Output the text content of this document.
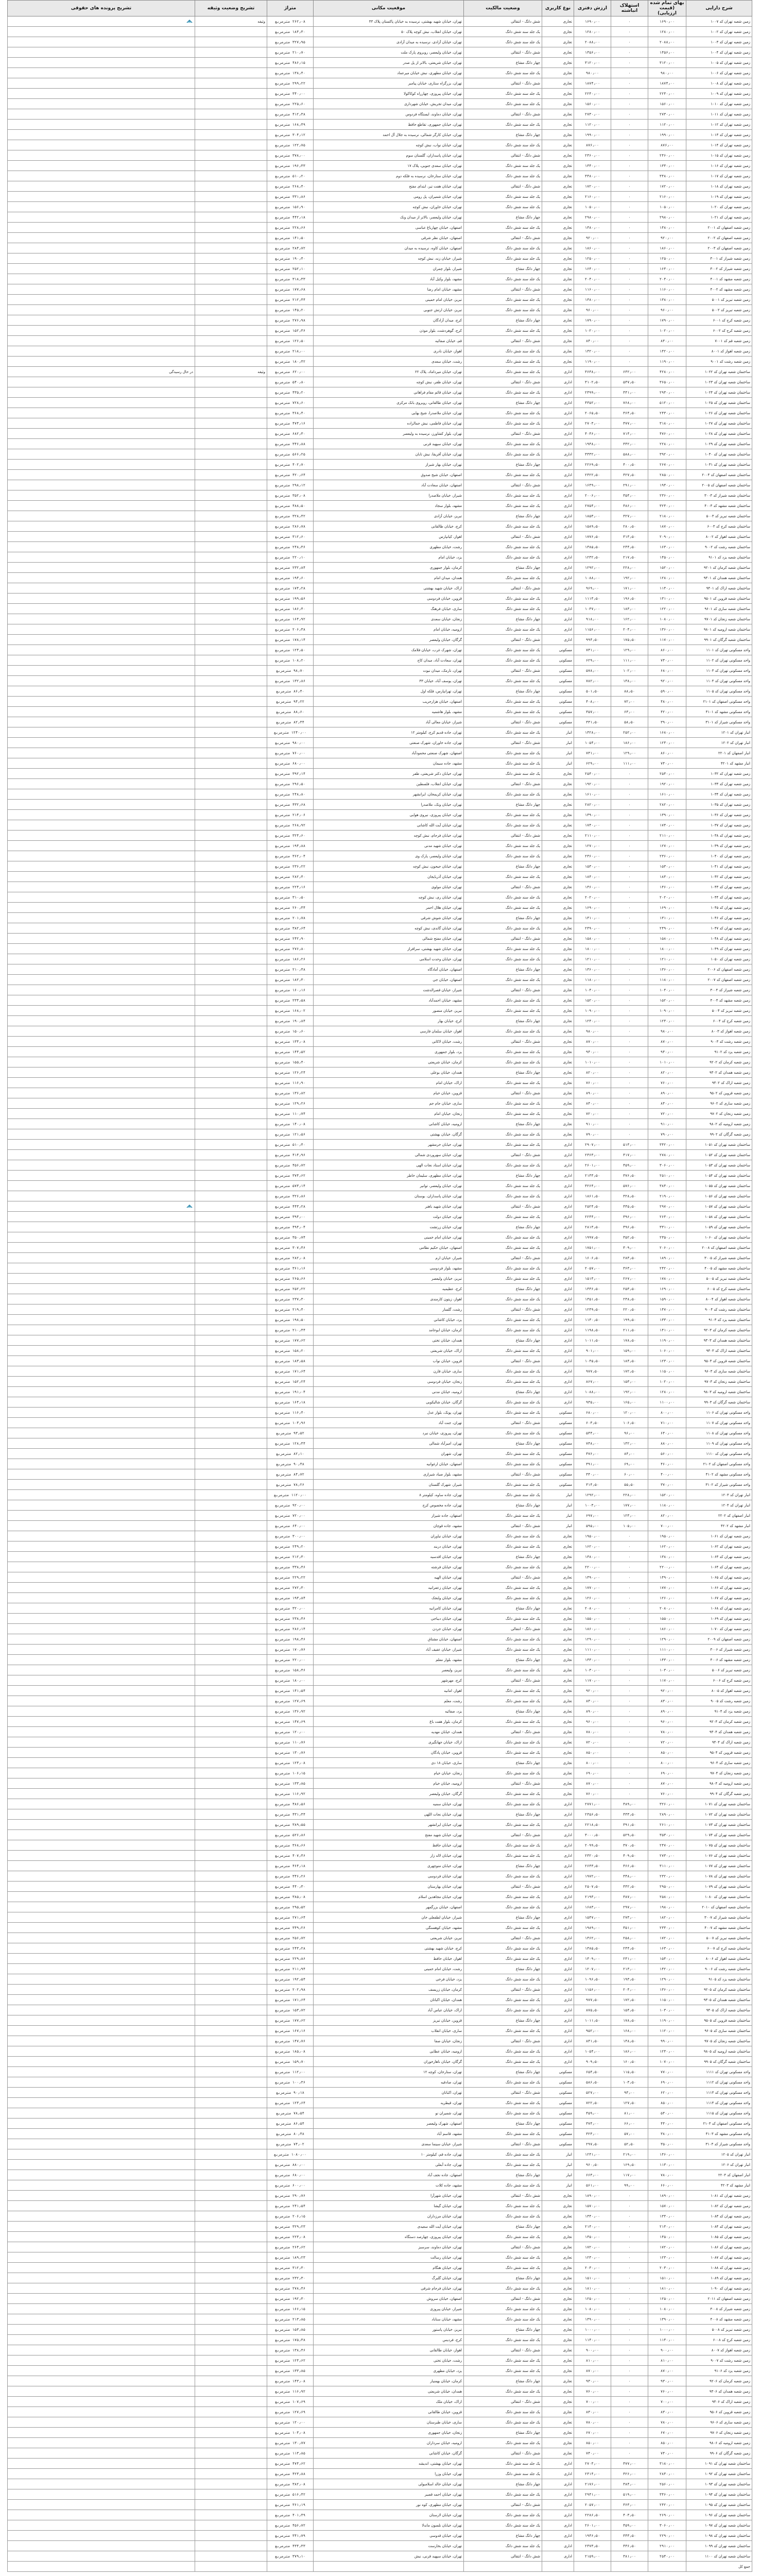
شرح دارایی	بهای تمام شده (قیمت ارزیابی)	استهلاک انباشته	ارزش دفتری	نوع کاربری	وضعیت مالکیت	موقعیت مکانی	متراژ	تشریح وضعیت وثیقه	تشریح پرونده های حقوقی
زمین شعبه تهران کد ۱۰۰۷	۱۶۹۰٫۰۰	۰	۱۶۹۰٫۰۰	تجاری	شش دانگ - انتقالی	تهران، خیابان شهید بهشتی، نرسیده به خیابان پاکستان پلاک ۴۳	۲۶۲٫۰۸ مترمربع	وثیقه	

زمین شعبه تهران کد ۱۰۰۲	۱۲۸۰٫۰۰	۰	۱۲۸۰٫۰۰	تجاری	یک جلد سند شش دانگ	تهران، خیابان انقلاب، نبش کوچه پلاک ۵۰	۱۸۴٫۳۰ مترمربع		
زمین شعبه تهران کد ۱۰۰۳	۲۰۸۸٫۰۰	۰	۲۰۸۸٫۰۰	تجاری	یک جلد سند شش دانگ	تهران، خیابان آزادی، نرسیده به میدان آزادی	۳۲۷٫۹۵ مترمربع		
زمین شعبه تهران کد ۱۰۰۴	۱۴۵۶٫۰۰	۰	۱۴۵۶٫۰۰	تجاری	شش دانگ - انتقالی	تهران، خیابان ولیعصر، روبروی پارک ملت	۲۱۰٫۷۰ مترمربع		
زمین شعبه تهران کد ۱۰۰۵	۳۱۲۰٫۰۰	۰	۳۱۲۰٫۰۰	تجاری	چهار دانگ مشاع	تهران، خیابان شریعتی، بالاتر از پل صدر	۴۸۶٫۱۵ مترمربع		
زمین شعبه تهران کد ۱۰۰۶	۹۸۰٫۰۰	۰	۹۸۰٫۰۰	تجاری	یک جلد سند شش دانگ	تهران، خیابان مطهری، نبش خیابان میرعماد	۱۳۸٫۴۰ مترمربع		
زمین شعبه تهران کد ۱۰۰۸	۱۸۷۴٫۰۰	۰	۱۸۷۴٫۰۰	تجاری	شش دانگ - انتقالی	تهران، بزرگراه ستاری، خیابان پیامبر	۲۹۹٫۲۲ مترمربع		
زمین شعبه تهران کد ۱۰۰۹	۲۲۴۰٫۰۰	۰	۲۲۴۰٫۰۰	تجاری	یک جلد سند شش دانگ	تهران، خیابان پیروزی، چهارراه کوکاکولا	۳۴۰٫۰۰ مترمربع		
زمین شعبه تهران کد ۱۰۱۰	۱۵۶۰٫۰۰	۰	۱۵۶۰٫۰۰	تجاری	یک جلد سند شش دانگ	تهران، میدان تجریش، خیابان شهرداری	۲۲۵٫۶۰ مترمربع		
زمین شعبه تهران کد ۱۰۱۱	۲۷۳۰٫۰۰	۰	۲۷۳۰٫۰۰	تجاری	شش دانگ - انتقالی	تهران، خیابان دماوند، ایستگاه فردوس	۴۱۲٫۳۸ مترمربع		
زمین شعبه تهران کد ۱۰۱۲	۱۱۲۰٫۰۰	۰	۱۱۲۰٫۰۰	تجاری	یک جلد سند شش دانگ	تهران، خیابان جمهوری، تقاطع حافظ	۱۶۸٫۴۹ مترمربع		
زمین شعبه تهران کد ۱۰۱۳	۱۹۹۰٫۰۰	۰	۱۹۹۰٫۰۰	تجاری	چهار دانگ مشاع	تهران، خیابان کارگر شمالی، نرسیده به جلال آل احمد	۳۰۴٫۱۲ مترمربع		
زمین شعبه تهران کد ۱۰۱۴	۸۷۶٫۰۰	۰	۸۷۶٫۰۰	تجاری	یک جلد سند شش دانگ	تهران، خیابان نواب، نبش کوچه	۱۲۲٫۷۵ مترمربع		
زمین شعبه تهران کد ۱۰۱۵	۲۴۶۰٫۰۰	۰	۲۴۶۰٫۰۰	تجاری	شش دانگ - انتقالی	تهران، خیابان پاسداران، گلستان سوم	۳۷۸٫۰۰ مترمربع		
زمین شعبه تهران کد ۱۰۱۶	۱۳۴۰٫۰۰	۰	۱۳۴۰٫۰۰	تجاری	یک جلد سند شش دانگ	تهران، خیابان سعدی جنوبی، پلاک ۱۷	۱۹۶٫۳۳ مترمربع		
زمین شعبه تهران کد ۱۰۱۷	۳۴۸۰٫۰۰	۰	۳۴۸۰٫۰۰	تجاری	یک جلد سند شش دانگ	تهران، خیابان ستارخان، نرسیده به فلکه دوم	۵۱۰٫۲۰ مترمربع		
زمین شعبه تهران کد ۱۰۱۸	۱۷۲۰٫۰۰	۰	۱۷۲۰٫۰۰	تجاری	شش دانگ - انتقالی	تهران، خیابان هفت تیر، ابتدای مفتح	۲۶۸٫۴۰ مترمربع		
زمین شعبه تهران کد ۱۰۱۹	۲۱۶۰٫۰۰	۰	۲۱۶۰٫۰۰	تجاری	یک جلد سند شش دانگ	تهران، خیابان شمیران، پل رومی	۳۳۱٫۸۶ مترمربع		
زمین شعبه تهران کد ۱۰۲۰	۱۰۵۰٫۰۰	۰	۱۰۵۰٫۰۰	تجاری	یک جلد سند شش دانگ	تهران، خیابان خاوران، نبش کوچه	۱۵۶٫۹۰ مترمربع		
زمین شعبه تهران کد ۱۰۲۱	۲۹۸۰٫۰۰	۰	۲۹۸۰٫۰۰	تجاری	چهار دانگ مشاع	تهران، خیابان ولیعصر، بالاتر از میدان ونک	۴۴۲٫۱۸ مترمربع		
زمین شعبه اصفهان کد ۲۰۰۱	۱۴۸۰٫۰۰	۰	۱۴۸۰٫۰۰	تجاری	یک جلد سند شش دانگ	اصفهان، خیابان چهارباغ عباسی	۲۲۸٫۶۶ مترمربع		
زمین شعبه اصفهان کد ۲۰۰۲	۹۲۰٫۰۰	۰	۹۲۰٫۰۰	تجاری	شش دانگ - انتقالی	اصفهان، خیابان نظر شرقی	۱۴۱٫۵۰ مترمربع		
زمین شعبه اصفهان کد ۲۰۰۳	۱۸۶۰٫۰۰	۰	۱۸۶۰٫۰۰	تجاری	یک جلد سند شش دانگ	اصفهان، خیابان کاوه، نرسیده به میدان	۲۸۴٫۷۲ مترمربع		
زمین شعبه شیراز کد ۳۰۰۱	۱۲۵۰٫۰۰	۰	۱۲۵۰٫۰۰	تجاری	یک جلد سند شش دانگ	شیراز، خیابان زند، نبش کوچه	۱۹۰٫۴۰ مترمربع		
زمین شعبه شیراز کد ۳۰۰۲	۱۶۴۰٫۰۰	۰	۱۶۴۰٫۰۰	تجاری	چهار دانگ مشاع	شیراز، بلوار چمران	۲۵۲٫۱۰ مترمربع		
زمین شعبه مشهد کد ۴۰۰۱	۲۰۴۰٫۰۰	۰	۲۰۴۰٫۰۰	تجاری	یک جلد سند شش دانگ	مشهد، بلوار وکیل آباد	۳۱۸٫۳۳ مترمربع		
زمین شعبه مشهد کد ۴۰۰۲	۱۱۶۰٫۰۰	۰	۱۱۶۰٫۰۰	تجاری	شش دانگ - انتقالی	مشهد، خیابان امام رضا	۱۷۷٫۶۸ مترمربع		
زمین شعبه تبریز کد ۵۰۰۱	۱۳۸۰٫۰۰	۰	۱۳۸۰٫۰۰	تجاری	یک جلد سند شش دانگ	تبریز، خیابان امام خمینی	۲۱۲٫۴۴ مترمربع		
زمین شعبه تبریز کد ۵۰۰۲	۹۶۰٫۰۰	۰	۹۶۰٫۰۰	تجاری	یک جلد سند شش دانگ	تبریز، خیابان ارتش جنوبی	۱۴۵٫۲۰ مترمربع		
زمین شعبه کرج کد ۶۰۰۱	۱۷۹۰٫۰۰	۰	۱۷۹۰٫۰۰	تجاری	چهار دانگ مشاع	کرج، میدان آزادگان	۲۷۶٫۹۸ مترمربع		
زمین شعبه کرج کد ۶۰۰۲	۱۰۲۰٫۰۰	۰	۱۰۲۰٫۰۰	تجاری	یک جلد سند شش دانگ	کرج، گوهردشت، بلوار موذن	۱۵۲٫۳۶ مترمربع		
زمین شعبه قم کد ۷۰۰۱	۸۴۰٫۰۰	۰	۸۴۰٫۰۰	تجاری	شش دانگ - انتقالی	قم، خیابان صفائیه	۱۲۶٫۵۰ مترمربع		
زمین شعبه اهواز کد ۸۰۰۱	۱۴۲۰٫۰۰	۰	۱۴۲۰٫۰۰	تجاری	یک جلد سند شش دانگ	اهواز، خیابان نادری	۲۱۸٫۰۰ مترمربع		
زمین شعبه رشت کد ۹۰۰۱	۱۱۹۰٫۰۰	۰	۱۱۹۰٫۰۰	تجاری	یک جلد سند شش دانگ	رشت، خیابان سعدی	۱۸۰٫۴۲ مترمربع		
ساختمان شعبه تهران کد ۱۰۲۲	۴۲۸۰٫۰۰	۶۴۲٫۰۰	۳۶۳۸٫۰۰	اداری	یک جلد سند شش دانگ	تهران، خیابان میرداماد، پلاک ۲۲	۶۲۰٫۰۰ مترمربع	وثیقه	در حال رسیدگی
ساختمان شعبه تهران کد ۱۰۲۳	۳۶۵۰٫۰۰	۵۴۷٫۵۰	۳۱۰۲٫۵۰	اداری	شش دانگ - انتقالی	تهران، خیابان ظفر، نبش کوچه	۵۴۰٫۸۰ مترمربع		
ساختمان شعبه تهران کد ۱۰۲۴	۲۹۴۰٫۰۰	۴۴۱٫۰۰	۲۴۹۹٫۰۰	اداری	یک جلد سند شش دانگ	تهران، خیابان قائم مقام فراهانی	۴۳۵٫۲۰ مترمربع		
ساختمان شعبه تهران کد ۱۰۲۵	۵۱۲۰٫۰۰	۷۶۸٫۰۰	۴۳۵۲٫۰۰	اداری	چهار دانگ مشاع	تهران، خیابان طالقانی، روبروی بانک مرکزی	۷۲۸٫۶۰ مترمربع		
ساختمان شعبه تهران کد ۱۰۲۶	۲۴۳۰٫۰۰	۳۶۴٫۵۰	۲۰۶۵٫۵۰	اداری	یک جلد سند شش دانگ	تهران، خیابان ملاصدرا، شیخ بهایی	۳۶۸٫۴۰ مترمربع		
ساختمان شعبه تهران کد ۱۰۲۷	۳۱۸۰٫۰۰	۴۷۷٫۰۰	۲۷۰۳٫۰۰	اداری	یک جلد سند شش دانگ	تهران، خیابان فاطمی، نبش جمالزاده	۴۷۴٫۱۶ مترمربع		
ساختمان شعبه تهران کد ۱۰۲۸	۴۷۶۰٫۰۰	۷۱۴٫۰۰	۴۰۴۶٫۰۰	اداری	شش دانگ - انتقالی	تهران، بلوار کشاورز، نرسیده به ولیعصر	۶۸۲٫۳۰ مترمربع		
ساختمان شعبه تهران کد ۱۰۲۹	۲۲۸۰٫۰۰	۳۴۲٫۰۰	۱۹۳۸٫۰۰	اداری	یک جلد سند شش دانگ	تهران، خیابان سپهبد قرنی	۳۴۶٫۸۸ مترمربع		
ساختمان شعبه تهران کد ۱۰۳۰	۳۹۲۰٫۰۰	۵۸۸٫۰۰	۳۳۳۲٫۰۰	اداری	یک جلد سند شش دانگ	تهران، خیابان آفریقا، نبش تابان	۵۶۶٫۲۵ مترمربع		
ساختمان شعبه تهران کد ۱۰۳۱	۲۶۷۰٫۰۰	۴۰۰٫۵۰	۲۲۶۹٫۵۰	اداری	چهار دانگ مشاع	تهران، خیابان بهار شیراز	۴۰۲٫۷۰ مترمربع		
ساختمان شعبه اصفهان کد ۲۰۰۴	۲۸۵۰٫۰۰	۴۲۷٫۵۰	۲۴۲۲٫۵۰	اداری	یک جلد سند شش دانگ	اصفهان، خیابان شیخ صدوق	۴۲۰٫۶۴ مترمربع		
ساختمان شعبه اصفهان کد ۲۰۰۵	۱۹۴۰٫۰۰	۲۹۱٫۰۰	۱۶۴۹٫۰۰	اداری	شش دانگ - انتقالی	اصفهان، خیابان سعادت آباد	۲۹۸٫۱۲ مترمربع		
ساختمان شعبه شیراز کد ۳۰۰۳	۲۳۶۰٫۰۰	۳۵۴٫۰۰	۲۰۰۶٫۰۰	اداری	یک جلد سند شش دانگ	شیراز، خیابان ملاصدرا	۳۵۲٫۰۸ مترمربع		
ساختمان شعبه مشهد کد ۴۰۰۳	۳۲۴۰٫۰۰	۴۸۶٫۰۰	۲۷۵۴٫۰۰	اداری	یک جلد سند شش دانگ	مشهد، بلوار سجاد	۴۸۸٫۵۰ مترمربع		
ساختمان شعبه تبریز کد ۵۰۰۳	۲۱۸۰٫۰۰	۳۲۷٫۰۰	۱۸۵۳٫۰۰	اداری	چهار دانگ مشاع	تبریز، خیابان آزادی	۳۲۸٫۴۲ مترمربع		
ساختمان شعبه کرج کد ۶۰۰۳	۱۸۷۰٫۰۰	۲۸۰٫۵۰	۱۵۸۹٫۵۰	اداری	یک جلد سند شش دانگ	کرج، خیابان طالقانی	۲۸۶٫۷۸ مترمربع		
ساختمان شعبه اهواز کد ۸۰۰۲	۲۰۹۰٫۰۰	۳۱۳٫۵۰	۱۷۷۶٫۵۰	اداری	شش دانگ - انتقالی	اهواز، کیانپارس	۳۱۲٫۶۰ مترمربع		
ساختمان شعبه رشت کد ۹۰۰۲	۱۶۳۰٫۰۰	۲۴۴٫۵۰	۱۳۸۵٫۵۰	اداری	یک جلد سند شش دانگ	رشت، خیابان مطهری	۲۴۸٫۳۶ مترمربع		
ساختمان شعبه یزد کد ۹۱۰۱	۱۴۵۰٫۰۰	۲۱۷٫۵۰	۱۲۳۲٫۵۰	اداری	یک جلد سند شش دانگ	یزد، خیابان امام	۲۲۰٫۱۰ مترمربع		
ساختمان شعبه کرمان کد ۹۲۰۱	۱۵۲۰٫۰۰	۲۲۸٫۰۰	۱۲۹۲٫۰۰	اداری	چهار دانگ مشاع	کرمان، بلوار جمهوری	۲۳۲٫۸۴ مترمربع		
ساختمان شعبه همدان کد ۹۳۰۱	۱۲۸۰٫۰۰	۱۹۲٫۰۰	۱۰۸۸٫۰۰	اداری	یک جلد سند شش دانگ	همدان، میدان امام	۱۹۴٫۶۰ مترمربع		
ساختمان شعبه اراک کد ۹۴۰۱	۱۱۴۰٫۰۰	۱۷۱٫۰۰	۹۶۹٫۰۰	اداری	شش دانگ - انتقالی	اراک، خیابان شهید بهشتی	۱۷۴٫۲۸ مترمربع		
ساختمان شعبه قزوین کد ۹۵۰۱	۱۳۱۰٫۰۰	۱۹۶٫۵۰	۱۱۱۳٫۵۰	اداری	یک جلد سند شش دانگ	قزوین، خیابان فردوسی	۱۹۹٫۵۶ مترمربع		
ساختمان شعبه ساری کد ۹۶۰۱	۱۲۲۰٫۰۰	۱۸۳٫۰۰	۱۰۳۷٫۰۰	اداری	یک جلد سند شش دانگ	ساری، خیابان فرهنگ	۱۸۶٫۴۰ مترمربع		
ساختمان شعبه زنجان کد ۹۷۰۱	۱۰۸۰٫۰۰	۱۶۲٫۰۰	۹۱۸٫۰۰	اداری	چهار دانگ مشاع	زنجان، خیابان سعدی	۱۶۴٫۹۲ مترمربع		
ساختمان شعبه ارومیه کد ۹۸۰۱	۱۳۶۰٫۰۰	۲۰۴٫۰۰	۱۱۵۶٫۰۰	اداری	یک جلد سند شش دانگ	ارومیه، خیابان امام	۲۰۶٫۳۸ مترمربع		
ساختمان شعبه گرگان کد ۹۹۰۱	۱۱۷۰٫۰۰	۱۷۵٫۵۰	۹۹۴٫۵۰	اداری	شش دانگ - انتقالی	گرگان، خیابان ولیعصر	۱۷۸٫۱۴ مترمربع		
واحد مسکونی تهران کد ۱۱۰۱	۸۶۰٫۰۰	۱۲۹٫۰۰	۷۳۱٫۰۰	مسکونی	یک جلد سند شش دانگ	تهران، شهرک غرب، خیابان فلامک	۱۲۴٫۵۰ مترمربع		
واحد مسکونی تهران کد ۱۱۰۲	۷۴۰٫۰۰	۱۱۱٫۰۰	۶۲۹٫۰۰	مسکونی	یک جلد سند شش دانگ	تهران، سعادت آباد، میدان کاج	۱۰۸٫۲۰ مترمربع		
واحد مسکونی تهران کد ۱۱۰۳	۶۸۰٫۰۰	۱۰۲٫۰۰	۵۷۸٫۰۰	مسکونی	شش دانگ - انتقالی	تهران، نارمک، میدان نبوت	۹۸٫۷۰ مترمربع		
واحد مسکونی تهران کد ۱۱۰۴	۹۲۰٫۰۰	۱۳۸٫۰۰	۷۸۲٫۰۰	مسکونی	یک جلد سند شش دانگ	تهران، یوسف آباد، خیابان ۳۳	۱۳۲٫۸۶ مترمربع		
واحد مسکونی تهران کد ۱۱۰۵	۵۹۰٫۰۰	۸۸٫۵۰	۵۰۱٫۵۰	مسکونی	چهار دانگ مشاع	تهران، تهرانپارس، فلکه اول	۸۶٫۴۰ مترمربع		
واحد مسکونی اصفهان کد ۲۱۰۱	۴۸۰٫۰۰	۷۲٫۰۰	۴۰۸٫۰۰	مسکونی	یک جلد سند شش دانگ	اصفهان، خیابان هزارجریب	۹۴٫۲۲ مترمربع		
واحد مسکونی مشهد کد ۴۱۰۱	۴۲۰٫۰۰	۶۳٫۰۰	۳۵۷٫۰۰	مسکونی	یک جلد سند شش دانگ	مشهد، بلوار هاشمیه	۸۸٫۶۰ مترمربع		
واحد مسکونی شیراز کد ۳۱۰۱	۳۹۰٫۰۰	۵۸٫۵۰	۳۳۱٫۵۰	مسکونی	شش دانگ - انتقالی	شیراز، خیابان معالی آباد	۸۲٫۳۴ مترمربع		
انبار تهران کد ۱۲۰۱	۱۶۸۰٫۰۰	۲۵۲٫۰۰	۱۴۲۸٫۰۰	انبار	یک جلد سند شش دانگ	تهران، جاده قدیم کرج، کیلومتر ۱۲	۱۲۴۰٫۰۰ مترمربع		
انبار تهران کد ۱۲۰۲	۱۲۴۰٫۰۰	۱۸۶٫۰۰	۱۰۵۴٫۰۰	انبار	شش دانگ - انتقالی	تهران، جاده خاوران، شهرک صنعتی	۹۸۰٫۰۰ مترمربع		
انبار اصفهان کد ۲۲۰۱	۸۶۰٫۰۰	۱۲۹٫۰۰	۷۳۱٫۰۰	انبار	یک جلد سند شش دانگ	اصفهان، شهرک صنعتی محمودآباد	۷۶۰٫۰۰ مترمربع		
انبار مشهد کد ۴۲۰۱	۷۴۰٫۰۰	۱۱۱٫۰۰	۶۲۹٫۰۰	انبار	یک جلد سند شش دانگ	مشهد، جاده سیمان	۶۸۰٫۰۰ مترمربع		
زمین شعبه تهران کد ۱۰۳۲	۲۵۴۰٫۰۰	۰	۲۵۴۰٫۰۰	تجاری	یک جلد سند شش دانگ	تهران، خیابان دکتر شریعتی، ظفر	۳۹۲٫۱۴ مترمربع		
زمین شعبه تهران کد ۱۰۳۳	۱۹۲۰٫۰۰	۰	۱۹۲۰٫۰۰	تجاری	شش دانگ - انتقالی	تهران، خیابان انقلاب، فلسطین	۲۹۶٫۵۰ مترمربع		
زمین شعبه تهران کد ۱۰۳۴	۱۶۱۰٫۰۰	۰	۱۶۱۰٫۰۰	تجاری	یک جلد سند شش دانگ	تهران، خیابان کریمخان، ایرانشهر	۲۴۸٫۸۰ مترمربع		
زمین شعبه تهران کد ۱۰۳۵	۲۸۲۰٫۰۰	۰	۲۸۲۰٫۰۰	تجاری	چهار دانگ مشاع	تهران، خیابان ونک، ملاصدرا	۴۳۲٫۶۸ مترمربع		
زمین شعبه تهران کد ۱۰۳۶	۱۳۹۰٫۰۰	۰	۱۳۹۰٫۰۰	تجاری	یک جلد سند شش دانگ	تهران، خیابان پیروزی، نیروی هوایی	۲۱۴٫۰۶ مترمربع		
زمین شعبه تهران کد ۱۰۳۷	۱۷۴۰٫۰۰	۰	۱۷۴۰٫۰۰	تجاری	یک جلد سند شش دانگ	تهران، خیابان آیت الله کاشانی	۲۶۸٫۹۲ مترمربع		
زمین شعبه تهران کد ۱۰۳۸	۲۱۱۰٫۰۰	۰	۲۱۱۰٫۰۰	تجاری	شش دانگ - انتقالی	تهران، خیابان فرجام، نبش کوچه	۳۲۴٫۶۰ مترمربع		
زمین شعبه تهران کد ۱۰۳۹	۱۲۷۰٫۰۰	۰	۱۲۷۰٫۰۰	تجاری	یک جلد سند شش دانگ	تهران، خیابان شهید مدنی	۱۹۴٫۸۸ مترمربع		
زمین شعبه تهران کد ۱۰۴۰	۲۳۶۰٫۰۰	۰	۲۳۶۰٫۰۰	تجاری	یک جلد سند شش دانگ	تهران، خیابان ولیعصر، پارک وی	۳۶۲٫۰۴ مترمربع		
زمین شعبه تهران کد ۱۰۴۱	۱۵۳۰٫۰۰	۰	۱۵۳۰٫۰۰	تجاری	چهار دانگ مشاع	تهران، خیابان جیحون، نبش کوچه	۲۳۶٫۲۲ مترمربع		
زمین شعبه تهران کد ۱۰۴۲	۱۸۴۰٫۰۰	۰	۱۸۴۰٫۰۰	تجاری	یک جلد سند شش دانگ	تهران، خیابان آذربایجان	۲۸۲٫۴۰ مترمربع		
زمین شعبه تهران کد ۱۰۴۳	۱۴۶۰٫۰۰	۰	۱۴۶۰٫۰۰	تجاری	شش دانگ - انتقالی	تهران، خیابان مولوی	۲۲۴٫۱۶ مترمربع		
زمین شعبه تهران کد ۱۰۴۴	۲۰۲۰٫۰۰	۰	۲۰۲۰٫۰۰	تجاری	یک جلد سند شش دانگ	تهران، خیابان ری، نبش کوچه	۳۱۰٫۵۰ مترمربع		
زمین شعبه تهران کد ۱۰۴۵	۱۶۹۰٫۰۰	۰	۱۶۹۰٫۰۰	تجاری	یک جلد سند شش دانگ	تهران، خیابان هلال احمر	۲۶۰٫۳۴ مترمربع		
زمین شعبه تهران کد ۱۰۴۶	۱۳۱۰٫۰۰	۰	۱۳۱۰٫۰۰	تجاری	چهار دانگ مشاع	تهران، خیابان شوش شرقی	۲۰۱٫۷۸ مترمربع		
زمین شعبه تهران کد ۱۰۴۷	۲۴۹۰٫۰۰	۰	۲۴۹۰٫۰۰	تجاری	یک جلد سند شش دانگ	تهران، خیابان گاندی، نبش کوچه	۳۸۲٫۶۴ مترمربع		
زمین شعبه تهران کد ۱۰۴۸	۱۵۸۰٫۰۰	۰	۱۵۸۰٫۰۰	تجاری	شش دانگ - انتقالی	تهران، خیابان مفتح شمالی	۲۴۲٫۹۰ مترمربع		
زمین شعبه تهران کد ۱۰۴۹	۱۸۰۰٫۰۰	۰	۱۸۰۰٫۰۰	تجاری	یک جلد سند شش دانگ	تهران، خیابان شهید بهشتی، سرافراز	۲۷۶٫۸۰ مترمربع		
زمین شعبه تهران کد ۱۰۵۰	۱۲۱۰٫۰۰	۰	۱۲۱۰٫۰۰	تجاری	یک جلد سند شش دانگ	تهران، خیابان وحدت اسلامی	۱۸۶٫۲۶ مترمربع		
زمین شعبه اصفهان کد ۲۰۰۶	۱۳۶۰٫۰۰	۰	۱۳۶۰٫۰۰	تجاری	چهار دانگ مشاع	اصفهان، خیابان آمادگاه	۲۱۰٫۴۸ مترمربع		
زمین شعبه اصفهان کد ۲۰۰۷	۱۱۸۰٫۰۰	۰	۱۱۸۰٫۰۰	تجاری	یک جلد سند شش دانگ	اصفهان، خیابان جی	۱۸۲٫۳۰ مترمربع		
زمین شعبه شیراز کد ۳۰۰۴	۱۰۴۰٫۰۰	۰	۱۰۴۰٫۰۰	تجاری	شش دانگ - انتقالی	شیراز، خیابان قصرالدشت	۱۶۰٫۱۶ مترمربع		
زمین شعبه مشهد کد ۴۰۰۴	۱۵۲۰٫۰۰	۰	۱۵۲۰٫۰۰	تجاری	یک جلد سند شش دانگ	مشهد، خیابان احمدآباد	۲۳۴٫۵۸ مترمربع		
زمین شعبه تبریز کد ۵۰۰۴	۱۰۹۰٫۰۰	۰	۱۰۹۰٫۰۰	تجاری	یک جلد سند شش دانگ	تبریز، خیابان منصور	۱۶۸٫۰۲ مترمربع		
زمین شعبه کرج کد ۶۰۰۴	۱۲۴۰٫۰۰	۰	۱۲۴۰٫۰۰	تجاری	چهار دانگ مشاع	کرج، خیابان بهار	۱۹۰٫۸۴ مترمربع		
زمین شعبه اهواز کد ۸۰۰۳	۹۸۰٫۰۰	۰	۹۸۰٫۰۰	تجاری	یک جلد سند شش دانگ	اهواز، خیابان سلمان فارسی	۱۵۰٫۶۰ مترمربع		
زمین شعبه رشت کد ۹۰۰۳	۸۷۰٫۰۰	۰	۸۷۰٫۰۰	تجاری	شش دانگ - انتقالی	رشت، خیابان لاکانی	۱۳۴٫۰۸ مترمربع		
زمین شعبه یزد کد ۹۱۰۲	۹۴۰٫۰۰	۰	۹۴۰٫۰۰	تجاری	یک جلد سند شش دانگ	یزد، بلوار جمهوری	۱۴۴٫۵۲ مترمربع		
زمین شعبه کرمان کد ۹۲۰۲	۱۰۱۰٫۰۰	۰	۱۰۱۰٫۰۰	تجاری	یک جلد سند شش دانگ	کرمان، خیابان شریعتی	۱۵۵٫۴۰ مترمربع		
زمین شعبه همدان کد ۹۳۰۲	۸۲۰٫۰۰	۰	۸۲۰٫۰۰	تجاری	چهار دانگ مشاع	همدان، خیابان بوعلی	۱۲۶٫۲۴ مترمربع		
زمین شعبه اراک کد ۹۴۰۲	۷۶۰٫۰۰	۰	۷۶۰٫۰۰	تجاری	یک جلد سند شش دانگ	اراک، خیابان امام	۱۱۶٫۹۰ مترمربع		
زمین شعبه قزوین کد ۹۵۰۲	۸۹۰٫۰۰	۰	۸۹۰٫۰۰	تجاری	شش دانگ - انتقالی	قزوین، خیابان خیام	۱۳۶٫۸۲ مترمربع		
زمین شعبه ساری کد ۹۶۰۲	۸۴۰٫۰۰	۰	۸۴۰٫۰۰	تجاری	یک جلد سند شش دانگ	ساری، خیابان جام جم	۱۲۹٫۲۶ مترمربع		
زمین شعبه زنجان کد ۹۷۰۲	۷۲۰٫۰۰	۰	۷۲۰٫۰۰	تجاری	یک جلد سند شش دانگ	زنجان، خیابان امام	۱۱۰٫۷۴ مترمربع		
زمین شعبه ارومیه کد ۹۸۰۲	۹۱۰٫۰۰	۰	۹۱۰٫۰۰	تجاری	چهار دانگ مشاع	ارومیه، خیابان کاشانی	۱۴۰٫۰۸ مترمربع		
زمین شعبه گرگان کد ۹۹۰۲	۷۹۰٫۰۰	۰	۷۹۰٫۰۰	تجاری	یک جلد سند شش دانگ	گرگان، خیابان بهشتی	۱۲۱٫۵۶ مترمربع		
ساختمان شعبه تهران کد ۱۰۵۱	۳۴۲۰٫۰۰	۵۱۳٫۰۰	۲۹۰۷٫۰۰	اداری	یک جلد سند شش دانگ	تهران، خیابان خرمشهر	۵۱۰٫۴۰ مترمربع		
ساختمان شعبه تهران کد ۱۰۵۲	۲۷۸۰٫۰۰	۴۱۷٫۰۰	۲۳۶۳٫۰۰	اداری	شش دانگ - انتقالی	تهران، خیابان سهروردی شمالی	۴۱۴٫۹۶ مترمربع		
ساختمان شعبه تهران کد ۱۰۵۳	۳۰۶۰٫۰۰	۴۵۹٫۰۰	۲۶۰۱٫۰۰	اداری	یک جلد سند شش دانگ	تهران، خیابان استاد نجات الهی	۴۵۶٫۷۲ مترمربع		
ساختمان شعبه تهران کد ۱۰۵۴	۲۵۱۰٫۰۰	۳۷۶٫۵۰	۲۱۳۳٫۵۰	اداری	چهار دانگ مشاع	تهران، خیابان مطهری، سلیمان خاطر	۳۷۴٫۶۲ مترمربع		
ساختمان شعبه تهران کد ۱۰۵۵	۳۸۴۰٫۰۰	۵۷۶٫۰۰	۳۲۶۴٫۰۰	اداری	یک جلد سند شش دانگ	تهران، خیابان ولیعصر، توانیر	۵۷۳٫۱۴ مترمربع		
ساختمان شعبه تهران کد ۱۰۵۶	۲۱۹۰٫۰۰	۳۲۸٫۵۰	۱۸۶۱٫۵۰	اداری	یک جلد سند شش دانگ	تهران، خیابان پاسداران، بوستان	۳۲۶٫۸۶ مترمربع		
ساختمان شعبه تهران کد ۱۰۵۷	۲۹۷۰٫۰۰	۴۴۵٫۵۰	۲۵۲۴٫۵۰	اداری	شش دانگ - انتقالی	تهران، خیابان شهید باهنر	۴۴۳٫۲۸ مترمربع		

ساختمان شعبه تهران کد ۱۰۵۸	۲۶۴۰٫۰۰	۳۹۶٫۰۰	۲۲۴۴٫۰۰	اداری	یک جلد سند شش دانگ	تهران، خیابان دولت	۳۹۴٫۰۰ مترمربع		
ساختمان شعبه تهران کد ۱۰۵۹	۳۳۱۰٫۰۰	۴۹۶٫۵۰	۲۸۱۳٫۵۰	اداری	چهار دانگ مشاع	تهران، خیابان زرتشت	۴۹۴٫۰۴ مترمربع		
ساختمان شعبه تهران کد ۱۰۶۰	۲۳۵۰٫۰۰	۳۵۲٫۵۰	۱۹۹۷٫۵۰	اداری	یک جلد سند شش دانگ	تهران، خیابان امام خمینی	۳۵۰٫۷۴ مترمربع		
ساختمان شعبه اصفهان کد ۲۰۰۸	۲۰۶۰٫۰۰	۳۰۹٫۰۰	۱۷۵۱٫۰۰	اداری	یک جلد سند شش دانگ	اصفهان، خیابان حکیم نظامی	۳۰۷٫۴۶ مترمربع		
ساختمان شعبه شیراز کد ۳۰۰۵	۱۸۹۰٫۰۰	۲۸۳٫۵۰	۱۶۰۶٫۵۰	اداری	شش دانگ - انتقالی	شیراز، خیابان ارم	۲۸۲٫۰۸ مترمربع		
ساختمان شعبه مشهد کد ۴۰۰۵	۲۴۲۰٫۰۰	۳۶۳٫۰۰	۲۰۵۷٫۰۰	اداری	یک جلد سند شش دانگ	مشهد، بلوار فردوسی	۳۶۱٫۱۶ مترمربع		
ساختمان شعبه تبریز کد ۵۰۰۵	۱۷۸۰٫۰۰	۲۶۷٫۰۰	۱۵۱۳٫۰۰	اداری	یک جلد سند شش دانگ	تبریز، خیابان ولیعصر	۲۶۵٫۶۶ مترمربع		
ساختمان شعبه کرج کد ۶۰۰۵	۱۶۹۰٫۰۰	۲۵۳٫۵۰	۱۴۳۶٫۵۰	اداری	چهار دانگ مشاع	کرج، عظیمیه	۲۵۲٫۲۲ مترمربع		
ساختمان شعبه اهواز کد ۸۰۰۴	۱۵۹۰٫۰۰	۲۳۸٫۵۰	۱۳۵۱٫۵۰	اداری	یک جلد سند شش دانگ	اهواز، زیتون کارمندی	۲۳۷٫۳۰ مترمربع		
ساختمان شعبه رشت کد ۹۰۰۴	۱۴۷۰٫۰۰	۲۲۰٫۵۰	۱۲۴۹٫۵۰	اداری	شش دانگ - انتقالی	رشت، گلسار	۲۱۹٫۴۰ مترمربع		
ساختمان شعبه یزد کد ۹۱۰۳	۱۳۳۰٫۰۰	۱۹۹٫۵۰	۱۱۳۰٫۵۰	اداری	یک جلد سند شش دانگ	یزد، خیابان کاشانی	۱۹۸٫۵۰ مترمربع		
ساختمان شعبه کرمان کد ۹۲۰۳	۱۴۱۰٫۰۰	۲۱۱٫۵۰	۱۱۹۸٫۵۰	اداری	یک جلد سند شش دانگ	کرمان، خیابان ابوحامد	۲۱۰٫۴۴ مترمربع		
ساختمان شعبه همدان کد ۹۳۰۳	۱۱۹۰٫۰۰	۱۷۸٫۵۰	۱۰۱۱٫۵۰	اداری	چهار دانگ مشاع	همدان، خیابان تختی	۱۷۷٫۶۲ مترمربع		
ساختمان شعبه اراک کد ۹۴۰۳	۱۰۶۰٫۰۰	۱۵۹٫۰۰	۹۰۱٫۰۰	اداری	یک جلد سند شش دانگ	اراک، خیابان شریعتی	۱۵۸٫۲۰ مترمربع		
ساختمان شعبه قزوین کد ۹۵۰۳	۱۲۳۰٫۰۰	۱۸۴٫۵۰	۱۰۴۵٫۵۰	اداری	شش دانگ - انتقالی	قزوین، خیابان نواب	۱۸۳٫۵۸ مترمربع		
ساختمان شعبه ساری کد ۹۶۰۳	۱۱۵۰٫۰۰	۱۷۲٫۵۰	۹۷۷٫۵۰	اداری	یک جلد سند شش دانگ	ساری، خیابان قارن	۱۷۱٫۶۴ مترمربع		
ساختمان شعبه زنجان کد ۹۷۰۳	۱۰۲۰٫۰۰	۱۵۳٫۰۰	۸۶۷٫۰۰	اداری	یک جلد سند شش دانگ	زنجان، خیابان فردوسی	۱۵۲٫۲۴ مترمربع		
ساختمان شعبه ارومیه کد ۹۸۰۳	۱۲۸۰٫۰۰	۱۹۲٫۰۰	۱۰۸۸٫۰۰	اداری	چهار دانگ مشاع	ارومیه، خیابان مدنی	۱۹۱٫۰۴ مترمربع		
ساختمان شعبه گرگان کد ۹۹۰۳	۱۱۰۰٫۰۰	۱۶۵٫۰۰	۹۳۵٫۰۰	اداری	یک جلد سند شش دانگ	گرگان، خیابان شالیکوبی	۱۶۴٫۱۸ مترمربع		
واحد مسکونی تهران کد ۱۱۰۶	۸۰۰٫۰۰	۱۲۰٫۰۰	۶۸۰٫۰۰	مسکونی	یک جلد سند شش دانگ	تهران، پونک، بلوار عدل	۱۱۶٫۴۰ مترمربع		
واحد مسکونی تهران کد ۱۱۰۷	۷۱۰٫۰۰	۱۰۶٫۵۰	۶۰۳٫۵۰	مسکونی	شش دانگ - انتقالی	تهران، جنت آباد	۱۰۳٫۹۶ مترمربع		
واحد مسکونی تهران کد ۱۱۰۸	۶۴۰٫۰۰	۹۶٫۰۰	۵۴۴٫۰۰	مسکونی	یک جلد سند شش دانگ	تهران، پیروزی، خیابان نبرد	۹۳٫۵۲ مترمربع		
واحد مسکونی تهران کد ۱۱۰۹	۸۸۰٫۰۰	۱۳۲٫۰۰	۷۴۸٫۰۰	مسکونی	چهار دانگ مشاع	تهران، امیرآباد شمالی	۱۲۸٫۳۴ مترمربع		
واحد مسکونی تهران کد ۱۱۱۰	۵۶۰٫۰۰	۸۴٫۰۰	۴۷۶٫۰۰	مسکونی	یک جلد سند شش دانگ	تهران، شهران	۸۲٫۱۰ مترمربع		
واحد مسکونی اصفهان کد ۲۱۰۲	۴۶۰٫۰۰	۶۹٫۰۰	۳۹۱٫۰۰	مسکونی	یک جلد سند شش دانگ	اصفهان، خیابان ارغوانیه	۹۰٫۴۸ مترمربع		
واحد مسکونی مشهد کد ۴۱۰۲	۴۰۰٫۰۰	۶۰٫۰۰	۳۴۰٫۰۰	مسکونی	شش دانگ - انتقالی	مشهد، بلوار صیاد شیرازی	۸۴٫۷۲ مترمربع		
واحد مسکونی شیراز کد ۳۱۰۲	۳۷۰٫۰۰	۵۵٫۵۰	۳۱۴٫۵۰	مسکونی	یک جلد سند شش دانگ	شیراز، شهرک گلستان	۷۸٫۲۶ مترمربع		
انبار تهران کد ۱۲۰۳	۱۵۲۰٫۰۰	۲۲۸٫۰۰	۱۲۹۲٫۰۰	انبار	یک جلد سند شش دانگ	تهران، جاده ساوه، کیلومتر ۸	۱۱۲۰٫۰۰ مترمربع		
انبار تهران کد ۱۲۰۴	۱۱۸۰٫۰۰	۱۷۷٫۰۰	۱۰۰۳٫۰۰	انبار	چهار دانگ مشاع	تهران، جاده مخصوص کرج	۹۲۰٫۰۰ مترمربع		
انبار اصفهان کد ۲۲۰۲	۸۲۰٫۰۰	۱۲۳٫۰۰	۶۹۷٫۰۰	انبار	یک جلد سند شش دانگ	اصفهان، جاده شیراز	۷۲۰٫۰۰ مترمربع		
انبار مشهد کد ۴۲۰۲	۷۰۰٫۰۰	۱۰۵٫۰۰	۵۹۵٫۰۰	انبار	شش دانگ - انتقالی	مشهد، جاده قوچان	۶۴۰٫۰۰ مترمربع		
زمین شعبه تهران کد ۱۰۶۱	۱۹۵۰٫۰۰	۰	۱۹۵۰٫۰۰	تجاری	یک جلد سند شش دانگ	تهران، خیابان نیاوران	۳۰۰٫۰۰ مترمربع		
زمین شعبه تهران کد ۱۰۶۲	۱۶۲۰٫۰۰	۰	۱۶۲۰٫۰۰	تجاری	یک جلد سند شش دانگ	تهران، خیابان دربند	۲۴۹٫۲۰ مترمربع		
زمین شعبه تهران کد ۱۰۶۳	۱۳۸۰٫۰۰	۰	۱۳۸۰٫۰۰	تجاری	چهار دانگ مشاع	تهران، خیابان اقدسیه	۲۱۲٫۳۰ مترمربع		
زمین شعبه تهران کد ۱۰۶۴	۲۲۰۰٫۰۰	۰	۲۲۰۰٫۰۰	تجاری	یک جلد سند شش دانگ	تهران، خیابان فرشته	۳۳۸٫۴۶ مترمربع		
زمین شعبه تهران کد ۱۰۶۵	۱۴۹۰٫۰۰	۰	۱۴۹۰٫۰۰	تجاری	شش دانگ - انتقالی	تهران، خیابان الهیه	۲۲۹٫۲۲ مترمربع		
زمین شعبه تهران کد ۱۰۶۶	۱۷۷۰٫۰۰	۰	۱۷۷۰٫۰۰	تجاری	یک جلد سند شش دانگ	تهران، خیابان زعفرانیه	۲۷۲٫۳۰ مترمربع		
زمین شعبه تهران کد ۱۰۶۷	۱۲۶۰٫۰۰	۰	۱۲۶۰٫۰۰	تجاری	یک جلد سند شش دانگ	تهران، خیابان ولنجک	۱۹۳٫۸۴ مترمربع		
زمین شعبه تهران کد ۱۰۶۸	۲۰۸۰٫۰۰	۰	۲۰۸۰٫۰۰	تجاری	چهار دانگ مشاع	تهران، خیابان کامرانیه	۳۲۰٫۰۰ مترمربع		
زمین شعبه تهران کد ۱۰۶۹	۱۵۵۰٫۰۰	۰	۱۵۵۰٫۰۰	تجاری	یک جلد سند شش دانگ	تهران، خیابان دیباجی	۲۳۸٫۴۶ مترمربع		
زمین شعبه تهران کد ۱۰۷۰	۱۸۶۰٫۰۰	۰	۱۸۶۰٫۰۰	تجاری	شش دانگ - انتقالی	تهران، خیابان جردن	۲۸۶٫۱۴ مترمربع		
زمین شعبه اصفهان کد ۲۰۰۹	۱۲۹۰٫۰۰	۰	۱۲۹۰٫۰۰	تجاری	یک جلد سند شش دانگ	اصفهان، خیابان مشتاق	۱۹۸٫۴۶ مترمربع		
زمین شعبه شیراز کد ۳۰۰۶	۱۱۱۰٫۰۰	۰	۱۱۱۰٫۰۰	تجاری	یک جلد سند شش دانگ	شیراز، خیابان عفیف آباد	۱۷۰٫۷۶ مترمربع		
زمین شعبه مشهد کد ۴۰۰۶	۱۴۳۰٫۰۰	۰	۱۴۳۰٫۰۰	تجاری	چهار دانگ مشاع	مشهد، بلوار معلم	۲۲۰٫۰۰ مترمربع		
زمین شعبه تبریز کد ۵۰۰۶	۱۰۳۰٫۰۰	۰	۱۰۳۰٫۰۰	تجاری	یک جلد سند شش دانگ	تبریز، ولیعصر	۱۵۸٫۴۶ مترمربع		
زمین شعبه کرج کد ۶۰۰۶	۱۱۷۰٫۰۰	۰	۱۱۷۰٫۰۰	تجاری	شش دانگ - انتقالی	کرج، مهرشهر	۱۸۰٫۰۰ مترمربع		
زمین شعبه اهواز کد ۸۰۰۵	۹۲۰٫۰۰	۰	۹۲۰٫۰۰	تجاری	یک جلد سند شش دانگ	اهواز، امانیه	۱۴۱٫۵۴ مترمربع		
زمین شعبه رشت کد ۹۰۰۵	۸۳۰٫۰۰	۰	۸۳۰٫۰۰	تجاری	یک جلد سند شش دانگ	رشت، معلم	۱۲۷٫۶۹ مترمربع		
زمین شعبه یزد کد ۹۱۰۴	۸۹۰٫۰۰	۰	۸۹۰٫۰۰	تجاری	چهار دانگ مشاع	یزد، صفائیه	۱۳۶٫۹۲ مترمربع		
زمین شعبه کرمان کد ۹۲۰۴	۹۶۰٫۰۰	۰	۹۶۰٫۰۰	تجاری	یک جلد سند شش دانگ	کرمان، بلوار هفت باغ	۱۴۷٫۶۹ مترمربع		
زمین شعبه همدان کد ۹۳۰۴	۷۸۰٫۰۰	۰	۷۸۰٫۰۰	تجاری	شش دانگ - انتقالی	همدان، خیابان مهدیه	۱۲۰٫۰۰ مترمربع		
زمین شعبه اراک کد ۹۴۰۴	۷۲۰٫۰۰	۰	۷۲۰٫۰۰	تجاری	یک جلد سند شش دانگ	اراک، خیابان جهانگیری	۱۱۰٫۷۶ مترمربع		
زمین شعبه قزوین کد ۹۵۰۴	۸۵۰٫۰۰	۰	۸۵۰٫۰۰	تجاری	یک جلد سند شش دانگ	قزوین، خیابان پادگان	۱۳۰٫۷۶ مترمربع		
زمین شعبه ساری کد ۹۶۰۴	۸۰۰٫۰۰	۰	۸۰۰٫۰۰	تجاری	چهار دانگ مشاع	ساری، خیابان ۱۸ دی	۱۲۳٫۰۸ مترمربع		
زمین شعبه زنجان کد ۹۷۰۴	۶۹۰٫۰۰	۰	۶۹۰٫۰۰	تجاری	یک جلد سند شش دانگ	زنجان، خیابان خیام	۱۰۶٫۱۵ مترمربع		
زمین شعبه ارومیه کد ۹۸۰۴	۸۷۰٫۰۰	۰	۸۷۰٫۰۰	تجاری	شش دانگ - انتقالی	ارومیه، خیابان خیام	۱۳۳٫۸۵ مترمربع		
زمین شعبه گرگان کد ۹۹۰۴	۷۶۰٫۰۰	۰	۷۶۰٫۰۰	تجاری	یک جلد سند شش دانگ	گرگان، خیابان ولیعصر	۱۱۶٫۹۲ مترمربع		
ساختمان شعبه تهران کد ۱۰۷۱	۳۲۶۰٫۰۰	۴۸۹٫۰۰	۲۷۷۱٫۰۰	اداری	یک جلد سند شش دانگ	تهران، خیابان سمیه	۴۸۶٫۵۶ مترمربع		
ساختمان شعبه تهران کد ۱۰۷۲	۲۸۹۰٫۰۰	۴۳۳٫۵۰	۲۴۵۶٫۵۰	اداری	چهار دانگ مشاع	تهران، خیابان نجات اللهی	۴۳۱٫۳۴ مترمربع		
ساختمان شعبه تهران کد ۱۰۷۳	۲۶۱۰٫۰۰	۳۹۱٫۵۰	۲۲۱۸٫۵۰	اداری	یک جلد سند شش دانگ	تهران، خیابان ایرانشهر	۳۸۹٫۵۵ مترمربع		
ساختمان شعبه تهران کد ۱۰۷۴	۳۵۳۰٫۰۰	۵۲۹٫۵۰	۳۰۰۰٫۵۰	اداری	شش دانگ - انتقالی	تهران، خیابان شهید مفتح	۵۲۶٫۸۶ مترمربع		
ساختمان شعبه تهران کد ۱۰۷۵	۲۴۷۰٫۰۰	۳۷۰٫۵۰	۲۰۹۹٫۵۰	اداری	یک جلد سند شش دانگ	تهران، خیابان حافظ	۳۶۸٫۶۶ مترمربع		
ساختمان شعبه تهران کد ۱۰۷۶	۲۷۳۰٫۰۰	۴۰۹٫۵۰	۲۳۲۰٫۵۰	اداری	یک جلد سند شش دانگ	تهران، خیابان لاله زار	۴۰۷٫۴۶ مترمربع		
ساختمان شعبه تهران کد ۱۰۷۷	۳۱۱۰٫۰۰	۴۶۶٫۵۰	۲۶۴۳٫۵۰	اداری	چهار دانگ مشاع	تهران، خیابان منوچهری	۴۶۴٫۱۸ مترمربع		
ساختمان شعبه تهران کد ۱۰۷۸	۲۳۲۰٫۰۰	۳۴۸٫۰۰	۱۹۷۲٫۰۰	اداری	یک جلد سند شش دانگ	تهران، خیابان فردوسی	۳۴۶٫۲۶ مترمربع		
ساختمان شعبه تهران کد ۱۰۷۹	۲۹۵۰٫۰۰	۴۴۲٫۵۰	۲۵۰۷٫۵۰	اداری	شش دانگ - انتقالی	تهران، خیابان بهارستان	۴۴۰٫۳۰ مترمربع		
ساختمان شعبه تهران کد ۱۰۸۰	۲۵۸۰٫۰۰	۳۸۷٫۰۰	۲۱۹۳٫۰۰	اداری	یک جلد سند شش دانگ	تهران، خیابان مجاهدین اسلام	۳۸۵٫۰۸ مترمربع		
ساختمان شعبه اصفهان کد ۲۰۱۰	۱۹۸۰٫۰۰	۲۹۷٫۰۰	۱۶۸۳٫۰۰	اداری	یک جلد سند شش دانگ	اصفهان، خیابان بزرگمهر	۲۹۵٫۵۲ مترمربع		
ساختمان شعبه شیراز کد ۳۰۰۷	۱۸۲۰٫۰۰	۲۷۳٫۰۰	۱۵۴۷٫۰۰	اداری	چهار دانگ مشاع	شیراز، خیابان لطفعلی خان	۲۷۱٫۶۴ مترمربع		
ساختمان شعبه مشهد کد ۴۰۰۷	۲۳۴۰٫۰۰	۳۵۱٫۰۰	۱۹۸۹٫۰۰	اداری	یک جلد سند شش دانگ	مشهد، خیابان کوهسنگی	۳۴۹٫۲۶ مترمربع		
ساختمان شعبه تبریز کد ۵۰۰۷	۱۷۲۰٫۰۰	۲۵۸٫۰۰	۱۴۶۲٫۰۰	اداری	شش دانگ - انتقالی	تبریز، خیابان شریعتی	۲۵۶٫۷۲ مترمربع		
ساختمان شعبه کرج کد ۶۰۰۷	۱۶۳۰٫۰۰	۲۴۴٫۵۰	۱۳۸۵٫۵۰	اداری	یک جلد سند شش دانگ	کرج، خیابان شهید بهشتی	۲۴۳٫۲۸ مترمربع		
ساختمان شعبه اهواز کد ۸۰۰۶	۱۵۴۰٫۰۰	۲۳۱٫۰۰	۱۳۰۹٫۰۰	اداری	یک جلد سند شش دانگ	اهواز، خیابان حافظ	۲۲۹٫۸۶ مترمربع		
ساختمان شعبه رشت کد ۹۰۰۶	۱۴۲۰٫۰۰	۲۱۳٫۰۰	۱۲۰۷٫۰۰	اداری	چهار دانگ مشاع	رشت، خیابان امام خمینی	۲۱۱٫۹۴ مترمربع		
ساختمان شعبه یزد کد ۹۱۰۵	۱۲۹۰٫۰۰	۱۹۳٫۵۰	۱۰۹۶٫۵۰	اداری	یک جلد سند شش دانگ	یزد، خیابان فرخی	۱۹۲٫۵۴ مترمربع		
ساختمان شعبه کرمان کد ۹۲۰۵	۱۳۶۰٫۰۰	۲۰۴٫۰۰	۱۱۵۶٫۰۰	اداری	شش دانگ - انتقالی	کرمان، خیابان زریسف	۲۰۲٫۹۸ مترمربع		
ساختمان شعبه همدان کد ۹۳۰۵	۱۱۵۰٫۰۰	۱۷۲٫۵۰	۹۷۷٫۵۰	اداری	یک جلد سند شش دانگ	همدان، خیابان اکباتان	۱۷۱٫۶۴ مترمربع		
ساختمان شعبه اراک کد ۹۴۰۵	۱۰۳۰٫۰۰	۱۵۴٫۵۰	۸۷۵٫۵۰	اداری	یک جلد سند شش دانگ	اراک، خیابان عباس آباد	۱۵۳٫۷۲ مترمربع		
ساختمان شعبه قزوین کد ۹۵۰۵	۱۱۹۰٫۰۰	۱۷۸٫۵۰	۱۰۱۱٫۵۰	اداری	چهار دانگ مشاع	قزوین، خیابان تبریز	۱۷۷٫۶۲ مترمربع		
ساختمان شعبه ساری کد ۹۶۰۵	۱۱۲۰٫۰۰	۱۶۸٫۰۰	۹۵۲٫۰۰	اداری	یک جلد سند شش دانگ	ساری، خیابان انقلاب	۱۶۷٫۱۶ مترمربع		
ساختمان شعبه زنجان کد ۹۷۰۵	۹۹۰٫۰۰	۱۴۸٫۵۰	۸۴۱٫۵۰	اداری	شش دانگ - انتقالی	زنجان، خیابان صفا	۱۴۷٫۷۶ مترمربع		
ساختمان شعبه ارومیه کد ۹۸۰۵	۱۲۴۰٫۰۰	۱۸۶٫۰۰	۱۰۵۴٫۰۰	اداری	یک جلد سند شش دانگ	ارومیه، خیابان عطایی	۱۸۵٫۰۸ مترمربع		
ساختمان شعبه گرگان کد ۹۹۰۵	۱۰۷۰٫۰۰	۱۶۰٫۵۰	۹۰۹٫۵۰	اداری	یک جلد سند شش دانگ	گرگان، خیابان ناهارخوران	۱۵۹٫۷۰ مترمربع		
واحد مسکونی تهران کد ۱۱۱۱	۷۷۰٫۰۰	۱۱۵٫۵۰	۶۵۴٫۵۰	مسکونی	چهار دانگ مشاع	تهران، ستارخان، کوچه ۱۲	۱۱۲٫۰۰ مترمربع		
واحد مسکونی تهران کد ۱۱۱۲	۶۹۰٫۰۰	۱۰۳٫۵۰	۵۸۶٫۵۰	مسکونی	یک جلد سند شش دانگ	تهران، صادقیه	۱۰۰٫۳۶ مترمربع		
واحد مسکونی تهران کد ۱۱۱۳	۶۲۰٫۰۰	۹۳٫۰۰	۵۲۷٫۰۰	مسکونی	شش دانگ - انتقالی	تهران، اکباتان	۹۰٫۱۸ مترمربع		
واحد مسکونی تهران کد ۱۱۱۴	۸۵۰٫۰۰	۱۲۷٫۵۰	۷۲۲٫۵۰	مسکونی	یک جلد سند شش دانگ	تهران، قیطریه	۱۲۳٫۶۴ مترمربع		
واحد مسکونی تهران کد ۱۱۱۵	۵۴۰٫۰۰	۸۱٫۰۰	۴۵۹٫۰۰	مسکونی	یک جلد سند شش دانگ	تهران، شمیران نو	۷۸٫۵۴ مترمربع		
واحد مسکونی اصفهان کد ۲۱۰۳	۴۴۰٫۰۰	۶۶٫۰۰	۳۷۴٫۰۰	مسکونی	چهار دانگ مشاع	اصفهان، شهرک ولیعصر	۸۶٫۵۴ مترمربع		
واحد مسکونی مشهد کد ۴۱۰۳	۳۸۰٫۰۰	۵۷٫۰۰	۳۲۳٫۰۰	مسکونی	یک جلد سند شش دانگ	مشهد، قاسم آباد	۸۰٫۴۸ مترمربع		
واحد مسکونی شیراز کد ۳۱۰۳	۳۵۰٫۰۰	۵۲٫۵۰	۲۹۷٫۵۰	مسکونی	شش دانگ - انتقالی	شیراز، خیابان سینما سعدی	۷۴٫۰۲ مترمربع		
انبار تهران کد ۱۲۰۵	۱۴۶۰٫۰۰	۲۱۹٫۰۰	۱۲۴۱٫۰۰	انبار	یک جلد سند شش دانگ	تهران، جاده قم، کیلومتر ۱۰	۱۰۸۰٫۰۰ مترمربع		
انبار تهران کد ۱۲۰۶	۱۱۳۰٫۰۰	۱۶۹٫۵۰	۹۶۰٫۵۰	انبار	یک جلد سند شش دانگ	تهران، جاده آبعلی	۸۸۰٫۰۰ مترمربع		
انبار اصفهان کد ۲۲۰۳	۷۸۰٫۰۰	۱۱۷٫۰۰	۶۶۳٫۰۰	انبار	چهار دانگ مشاع	اصفهان، جاده نجف آباد	۶۸۰٫۰۰ مترمربع		
انبار مشهد کد ۴۲۰۳	۶۶۰٫۰۰	۹۹٫۰۰	۵۶۱٫۰۰	انبار	یک جلد سند شش دانگ	مشهد، جاده کلات	۶۰۰٫۰۰ مترمربع		
زمین شعبه تهران کد ۱۰۸۱	۱۸۹۰٫۰۰	۰	۱۸۹۰٫۰۰	تجاری	شش دانگ - انتقالی	تهران، خیابان شهرآرا	۲۹۰٫۷۶ مترمربع		
زمین شعبه تهران کد ۱۰۸۲	۱۵۷۰٫۰۰	۰	۱۵۷۰٫۰۰	تجاری	یک جلد سند شش دانگ	تهران، خیابان گیشا	۲۴۱٫۵۴ مترمربع		
زمین شعبه تهران کد ۱۰۸۳	۱۳۴۰٫۰۰	۰	۱۳۴۰٫۰۰	تجاری	یک جلد سند شش دانگ	تهران، خیابان مرزداران	۲۰۶٫۱۵ مترمربع		
زمین شعبه تهران کد ۱۰۸۴	۲۱۴۰٫۰۰	۰	۲۱۴۰٫۰۰	تجاری	چهار دانگ مشاع	تهران، خیابان آیت الله سعیدی	۳۲۹٫۲۳ مترمربع		
زمین شعبه تهران کد ۱۰۸۵	۱۴۵۰٫۰۰	۰	۱۴۵۰٫۰۰	تجاری	یک جلد سند شش دانگ	تهران، خیابان پیروزی، چهارصد دستگاه	۲۲۳٫۰۸ مترمربع		
زمین شعبه تهران کد ۱۰۸۶	۱۷۲۰٫۰۰	۰	۱۷۲۰٫۰۰	تجاری	شش دانگ - انتقالی	تهران، خیابان دماوند، سرسبز	۲۶۴٫۶۲ مترمربع		
زمین شعبه تهران کد ۱۰۸۷	۱۲۳۰٫۰۰	۰	۱۲۳۰٫۰۰	تجاری	یک جلد سند شش دانگ	تهران، خیابان رسالت	۱۸۹٫۲۳ مترمربع		
زمین شعبه تهران کد ۱۰۸۸	۲۰۳۰٫۰۰	۰	۲۰۳۰٫۰۰	تجاری	یک جلد سند شش دانگ	تهران، خیابان هنگام	۳۱۲٫۳۰ مترمربع		
زمین شعبه تهران کد ۱۰۸۹	۱۵۱۰٫۰۰	۰	۱۵۱۰٫۰۰	تجاری	چهار دانگ مشاع	تهران، خیابان گلبرگ	۲۳۲٫۳۰ مترمربع		
زمین شعبه تهران کد ۱۰۹۰	۱۸۱۰٫۰۰	۰	۱۸۱۰٫۰۰	تجاری	یک جلد سند شش دانگ	تهران، خیابان فرجام شرقی	۲۷۸٫۴۶ مترمربع		
زمین شعبه اصفهان کد ۲۰۱۱	۱۲۵۰٫۰۰	۰	۱۲۵۰٫۰۰	تجاری	شش دانگ - انتقالی	اصفهان، خیابان سروش	۱۹۲٫۳۰ مترمربع		
زمین شعبه شیراز کد ۳۰۰۸	۱۰۸۰٫۰۰	۰	۱۰۸۰٫۰۰	تجاری	یک جلد سند شش دانگ	شیراز، خیابان پیروزی	۱۶۶٫۱۵ مترمربع		
زمین شعبه مشهد کد ۴۰۰۸	۱۳۹۰٫۰۰	۰	۱۳۹۰٫۰۰	تجاری	یک جلد سند شش دانگ	مشهد، خیابان سناباد	۲۱۳٫۸۵ مترمربع		
زمین شعبه تبریز کد ۵۰۰۸	۱۰۰۰٫۰۰	۰	۱۰۰۰٫۰۰	تجاری	چهار دانگ مشاع	تبریز، خیابان پاستور	۱۵۳٫۸۵ مترمربع		
زمین شعبه کرج کد ۶۰۰۸	۱۱۴۰٫۰۰	۰	۱۱۴۰٫۰۰	تجاری	یک جلد سند شش دانگ	کرج، فردیس	۱۷۵٫۳۸ مترمربع		
زمین شعبه اهواز کد ۸۰۰۷	۹۰۰٫۰۰	۰	۹۰۰٫۰۰	تجاری	شش دانگ - انتقالی	اهواز، خیابان طالقانی	۱۳۸٫۴۶ مترمربع		
زمین شعبه رشت کد ۹۰۰۷	۸۱۰٫۰۰	۰	۸۱۰٫۰۰	تجاری	یک جلد سند شش دانگ	رشت، خیابان تختی	۱۲۴٫۶۲ مترمربع		
زمین شعبه یزد کد ۹۱۰۶	۸۷۰٫۰۰	۰	۸۷۰٫۰۰	تجاری	یک جلد سند شش دانگ	یزد، خیابان مطهری	۱۳۳٫۸۵ مترمربع		
زمین شعبه کرمان کد ۹۲۰۶	۹۳۰٫۰۰	۰	۹۳۰٫۰۰	تجاری	چهار دانگ مشاع	کرمان، خیابان بهمنیار	۱۴۳٫۰۸ مترمربع		
زمین شعبه همدان کد ۹۳۰۶	۷۶۰٫۰۰	۰	۷۶۰٫۰۰	تجاری	یک جلد سند شش دانگ	همدان، خیابان شریعتی	۱۱۶٫۹۲ مترمربع		
زمین شعبه اراک کد ۹۴۰۶	۷۰۰٫۰۰	۰	۷۰۰٫۰۰	تجاری	شش دانگ - انتقالی	اراک، خیابان ملک	۱۰۷٫۶۹ مترمربع		
زمین شعبه قزوین کد ۹۵۰۶	۸۳۰٫۰۰	۰	۸۳۰٫۰۰	تجاری	یک جلد سند شش دانگ	قزوین، خیابان طالقانی	۱۲۷٫۶۹ مترمربع		
زمین شعبه ساری کد ۹۶۰۶	۷۸۰٫۰۰	۰	۷۸۰٫۰۰	تجاری	یک جلد سند شش دانگ	ساری، خیابان طبرستان	۱۲۰٫۰۰ مترمربع		
زمین شعبه زنجان کد ۹۷۰۶	۶۷۰٫۰۰	۰	۶۷۰٫۰۰	تجاری	چهار دانگ مشاع	زنجان، خیابان جمهوری	۱۰۳٫۰۸ مترمربع		
زمین شعبه ارومیه کد ۹۸۰۶	۸۵۰٫۰۰	۰	۸۵۰٫۰۰	تجاری	یک جلد سند شش دانگ	ارومیه، خیابان سرداران	۱۳۰٫۷۷ مترمربع		
زمین شعبه گرگان کد ۹۹۰۶	۷۴۰٫۰۰	۰	۷۴۰٫۰۰	تجاری	شش دانگ - انتقالی	گرگان، خیابان کاشانی	۱۱۳٫۸۵ مترمربع		
ساختمان شعبه تهران کد ۱۰۹۱	۳۱۸۰٫۰۰	۴۷۷٫۰۰	۲۷۰۳٫۰۰	اداری	یک جلد سند شش دانگ	تهران، خیابان بهشتی، اندیشه	۴۷۴٫۶۲ مترمربع		
ساختمان شعبه تهران کد ۱۰۹۲	۲۸۴۰٫۰۰	۴۲۶٫۰۰	۲۴۱۴٫۰۰	اداری	یک جلد سند شش دانگ	تهران، خیابان وزرا	۴۲۳٫۸۸ مترمربع		
ساختمان شعبه تهران کد ۱۰۹۳	۲۵۶۰٫۰۰	۳۸۴٫۰۰	۲۱۷۶٫۰۰	اداری	چهار دانگ مشاع	تهران، خیابان خالد اسلامبولی	۳۸۲٫۰۸ مترمربع		
ساختمان شعبه تهران کد ۱۰۹۴	۳۴۶۰٫۰۰	۵۱۹٫۰۰	۲۹۴۱٫۰۰	اداری	یک جلد سند شش دانگ	تهران، خیابان احمد قصیر	۵۱۶٫۴۲ مترمربع		
ساختمان شعبه تهران کد ۱۰۹۵	۲۴۲۰٫۰۰	۳۶۳٫۰۰	۲۰۵۷٫۰۰	اداری	شش دانگ - انتقالی	تهران، خیابان مطهری، کوه نور	۳۶۱٫۱۹ مترمربع		
ساختمان شعبه تهران کد ۱۰۹۶	۲۶۹۰٫۰۰	۴۰۳٫۵۰	۲۲۸۶٫۵۰	اداری	یک جلد سند شش دانگ	تهران، خیابان لارستان	۴۰۱٫۴۹ مترمربع		
ساختمان شعبه تهران کد ۱۰۹۷	۳۰۶۰٫۰۰	۴۵۹٫۰۰	۲۶۰۱٫۰۰	اداری	یک جلد سند شش دانگ	تهران، خیابان نلسون ماندلا	۴۵۶٫۷۲ مترمربع		
ساختمان شعبه تهران کد ۱۰۹۸	۲۲۹۰٫۰۰	۳۴۳٫۵۰	۱۹۴۶٫۵۰	اداری	چهار دانگ مشاع	تهران، خیابان قدوسی	۳۴۱٫۷۹ مترمربع		
ساختمان شعبه تهران کد ۱۰۹۹	۲۹۱۰٫۰۰	۴۳۶٫۵۰	۲۴۷۳٫۵۰	اداری	یک جلد سند شش دانگ	تهران، خیابان بخارست	۴۳۴٫۳۳ مترمربع		
ساختمان شعبه تهران کد ۱۱۰۰	۲۵۴۰٫۰۰	۳۸۱٫۰۰	۲۱۵۹٫۰۰	اداری	شش دانگ - انتقالی	تهران، خیابان سپهبد قرنی، نبش	۳۷۹٫۱۰ مترمربع		
جمع کل									
